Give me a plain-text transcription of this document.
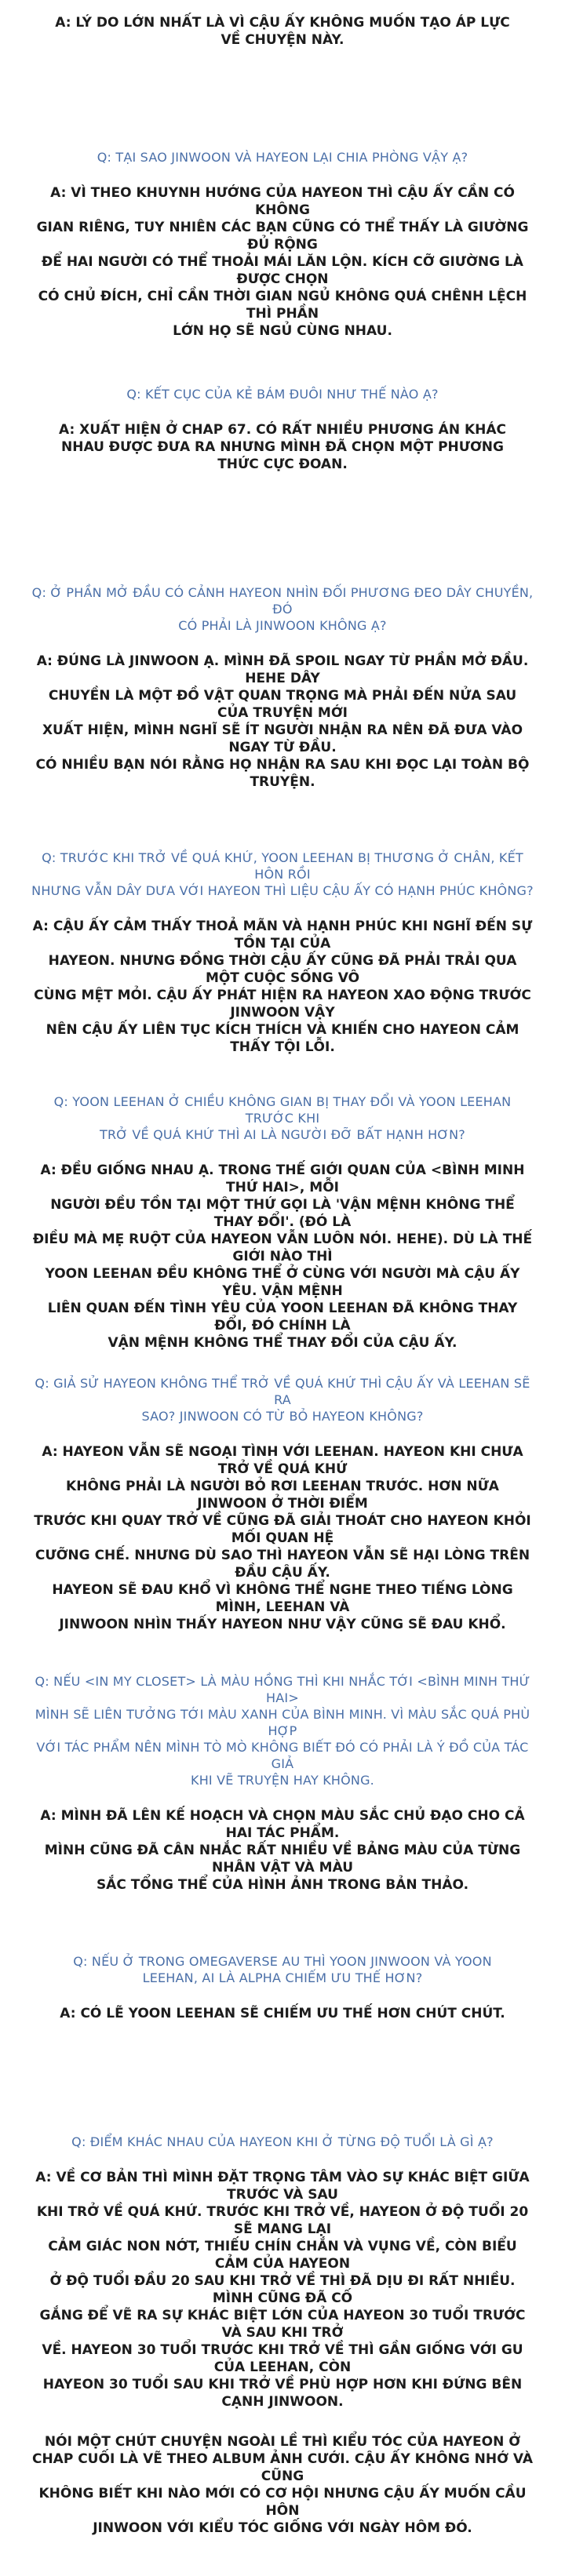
A: LÝ DO LỚN NHẤT LÀ VÌ CẬU ẤY KHÔNG MUỐN TẠO ÁP LỰC
VỀ CHUYỆN NÀY.

Q: TẠI SAO JINWOON VÀ HAYEON LẠI CHIA PHÒNG VẬY Ạ?

A: VÌ THEO KHUYNH HƯỚNG CỦA HAYEON THÌ CẬU ẤY CẦN CÓ KHÔNG
GIAN RIÊNG, TUY NHIÊN CÁC BẠN CŨNG CÓ THỂ THẤY LÀ GIƯỜNG ĐỦ RỘNG
ĐỂ HAI NGƯỜI CÓ THỂ THOẢI MÁI LĂN LỘN. KÍCH CỠ GIƯỜNG LÀ ĐƯỢC CHỌN
CÓ CHỦ ĐÍCH, CHỈ CẦN THỜI GIAN NGỦ KHÔNG QUÁ CHÊNH LỆCH THÌ PHẦN
LỚN HỌ SẼ NGỦ CÙNG NHAU.

Q: KẾT CỤC CỦA KẺ BÁM ĐUÔI NHƯ THẾ NÀO Ạ?

A: XUẤT HIỆN Ở CHAP 67. CÓ RẤT NHIỀU PHƯƠNG ÁN KHÁC
NHAU ĐƯỢC ĐƯA RA NHƯNG MÌNH ĐÃ CHỌN MỘT PHƯƠNG
THỨC CỰC ĐOAN.

Q: Ở PHẦN MỞ ĐẦU CÓ CẢNH HAYEON NHÌN ĐỐI PHƯƠNG ĐEO DÂY CHUYỀN, ĐÓ
CÓ PHẢI LÀ JINWOON KHÔNG Ạ?

A: ĐÚNG LÀ JINWOON Ạ. MÌNH ĐÃ SPOIL NGAY TỪ PHẦN MỞ ĐẦU. HEHE DÂY
CHUYỀN LÀ MỘT ĐỒ VẬT QUAN TRỌNG MÀ PHẢI ĐẾN NỬA SAU CỦA TRUYỆN MỚI
XUẤT HIỆN, MÌNH NGHĨ SẼ ÍT NGƯỜI NHẬN RA NÊN ĐÃ ĐƯA VÀO NGAY TỪ ĐẦU.
CÓ NHIỀU BẠN NÓI RẰNG HỌ NHẬN RA SAU KHI ĐỌC LẠI TOÀN BỘ TRUYỆN.

Q: TRƯỚC KHI TRỞ VỀ QUÁ KHỨ, YOON LEEHAN BỊ THƯƠNG Ở CHÂN, KẾT HÔN RỒI
NHƯNG VẪN DÂY DƯA VỚI HAYEON THÌ LIỆU CẬU ẤY CÓ HẠNH PHÚC KHÔNG?

A: CẬU ẤY CẢM THẤY THOẢ MÃN VÀ HẠNH PHÚC KHI NGHĨ ĐẾN SỰ TỒN TẠI CỦA
HAYEON. NHƯNG ĐỒNG THỜI CẬU ẤY CŨNG ĐÃ PHẢI TRẢI QUA MỘT CUỘC SỐNG VÔ
CÙNG MỆT MỎI. CẬU ẤY PHÁT HIỆN RA HAYEON XAO ĐỘNG TRƯỚC JINWOON VẬY
NÊN CẬU ẤY LIÊN TỤC KÍCH THÍCH VÀ KHIẾN CHO HAYEON CẢM THẤY TỘI LỖI.

Q: YOON LEEHAN Ở CHIỀU KHÔNG GIAN BỊ THAY ĐỔI VÀ YOON LEEHAN TRƯỚC KHI
TRỞ VỀ QUÁ KHỨ THÌ AI LÀ NGƯỜI ĐỠ BẤT HẠNH HƠN?

A: ĐỀU GIỐNG NHAU Ạ. TRONG THẾ GIỚI QUAN CỦA <BÌNH MINH THỨ HAI>, MỖI
NGƯỜI ĐỀU TỒN TẠI MỘT THỨ GỌI LÀ 'VẬN MỆNH KHÔNG THỂ THAY ĐỔI'. (ĐÓ LÀ
ĐIỀU MÀ MẸ RUỘT CỦA HAYEON VẪN LUÔN NÓI. HEHE). DÙ LÀ THẾ GIỚI NÀO THÌ
YOON LEEHAN ĐỀU KHÔNG THỂ Ở CÙNG VỚI NGƯỜI MÀ CẬU ẤY YÊU. VẬN MỆNH
LIÊN QUAN ĐẾN TÌNH YÊU CỦA YOON LEEHAN ĐÃ KHÔNG THAY ĐỔI, ĐÓ CHÍNH LÀ
VẬN MỆNH KHÔNG THỂ THAY ĐỔI CỦA CẬU ẤY.

Q: GIẢ SỬ HAYEON KHÔNG THỂ TRỞ VỀ QUÁ KHỨ THÌ CẬU ẤY VÀ LEEHAN SẼ RA
SAO? JINWOON CÓ TỪ BỎ HAYEON KHÔNG?

A: HAYEON VẪN SẼ NGOẠI TÌNH VỚI LEEHAN. HAYEON KHI CHƯA TRỞ VỀ QUÁ KHỨ
KHÔNG PHẢI LÀ NGƯỜI BỎ RƠI LEEHAN TRƯỚC. HƠN NỮA JINWOON Ở THỜI ĐIỂM
TRƯỚC KHI QUAY TRỞ VỀ CŨNG ĐÃ GIẢI THOÁT CHO HAYEON KHỎI MỐI QUAN HỆ
CƯỠNG CHẾ. NHƯNG DÙ SAO THÌ HAYEON VẪN SẼ HẠI LÒNG TRÊN ĐẦU CẬU ẤY.
HAYEON SẼ ĐAU KHỔ VÌ KHÔNG THỂ NGHE THEO TIẾNG LÒNG MÌNH, LEEHAN VÀ
JINWOON NHÌN THẤY HAYEON NHƯ VẬY CŨNG SẼ ĐAU KHỔ.

Q: NẾU <IN MY CLOSET> LÀ MÀU HỒNG THÌ KHI NHẮC TỚI <BÌNH MINH THỨ HAI>
MÌNH SẼ LIÊN TƯỞNG TỚI MÀU XANH CỦA BÌNH MINH. VÌ MÀU SẮC QUÁ PHÙ HỢP
VỚI TÁC PHẨM NÊN MÌNH TÒ MÒ KHÔNG BIẾT ĐÓ CÓ PHẢI LÀ Ý ĐỒ CỦA TÁC GIẢ
KHI VẼ TRUYỆN HAY KHÔNG.

A: MÌNH ĐÃ LÊN KẾ HOẠCH VÀ CHỌN MÀU SẮC CHỦ ĐẠO CHO CẢ HAI TÁC PHẨM.
MÌNH CŨNG ĐÃ CÂN NHẮC RẤT NHIỀU VỀ BẢNG MÀU CỦA TỪNG NHÂN VẬT VÀ MÀU
SẮC TỔNG THỂ CỦA HÌNH ẢNH TRONG BẢN THẢO.

Q: NẾU Ở TRONG OMEGAVERSE AU THÌ YOON JINWOON VÀ YOON
LEEHAN, AI LÀ ALPHA CHIẾM ƯU THẾ HƠN?

A: CÓ LẼ YOON LEEHAN SẼ CHIẾM ƯU THẾ HƠN CHÚT CHÚT.

Q: ĐIỂM KHÁC NHAU CỦA HAYEON KHI Ở TỪNG ĐỘ TUỔI LÀ GÌ Ạ?

A: VỀ CƠ BẢN THÌ MÌNH ĐẶT TRỌNG TÂM VÀO SỰ KHÁC BIỆT GIỮA TRƯỚC VÀ SAU
KHI TRỞ VỀ QUÁ KHỨ. TRƯỚC KHI TRỞ VỀ, HAYEON Ở ĐỘ TUỔI 20 SẼ MANG LẠI
CẢM GIÁC NON NỚT, THIẾU CHÍN CHẮN VÀ VỤNG VỀ, CÒN BIỂU CẢM CỦA HAYEON
Ở ĐỘ TUỔI ĐẦU 20 SAU KHI TRỞ VỀ THÌ ĐÃ DỊU ĐI RẤT NHIỀU. MÌNH CŨNG ĐÃ CỐ
GẮNG ĐỂ VẼ RA SỰ KHÁC BIỆT LỚN CỦA HAYEON 30 TUỔI TRƯỚC VÀ SAU KHI TRỞ
VỀ. HAYEON 30 TUỔI TRƯỚC KHI TRỞ VỀ THÌ GẦN GIỐNG VỚI GU CỦA LEEHAN, CÒN
HAYEON 30 TUỔI SAU KHI TRỞ VỀ PHÙ HỢP HƠN KHI ĐỨNG BÊN CẠNH JINWOON.

NÓI MỘT CHÚT CHUYỆN NGOÀI LỀ THÌ KIỂU TÓC CỦA HAYEON Ở
CHAP CUỐI LÀ VẼ THEO ALBUM ẢNH CƯỚI. CẬU ẤY KHÔNG NHỚ VÀ CŨNG
KHÔNG BIẾT KHI NÀO MỚI CÓ CƠ HỘI NHƯNG CẬU ẤY MUỐN CẦU HÔN
JINWOON VỚI KIỂU TÓC GIỐNG VỚI NGÀY HÔM ĐÓ.
